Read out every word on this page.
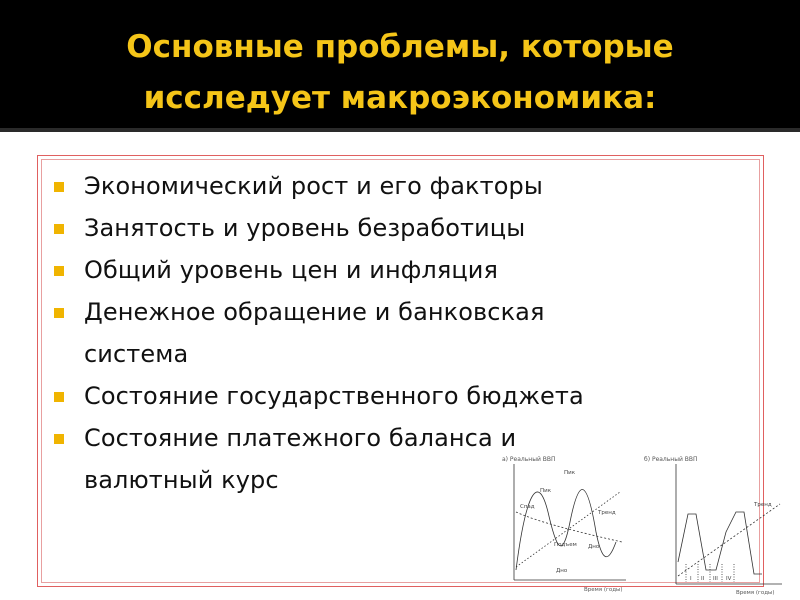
Основные проблемы, которые
исследует макроэкономика:
Экономический рост и его факторы
Занятость и уровень безработицы
Общий уровень цен и инфляция
Денежное обращение и банковская
система
Состояние государственного бюджета
Состояние платежного баланса и
валютный курс
а) Реальный ВВП
Пик
Пик
Спад
Тренд
Подъем Дно
Дно
Время (годы)
б) Реальный ВВП
Тренд
I II III IV
Время (годы)
